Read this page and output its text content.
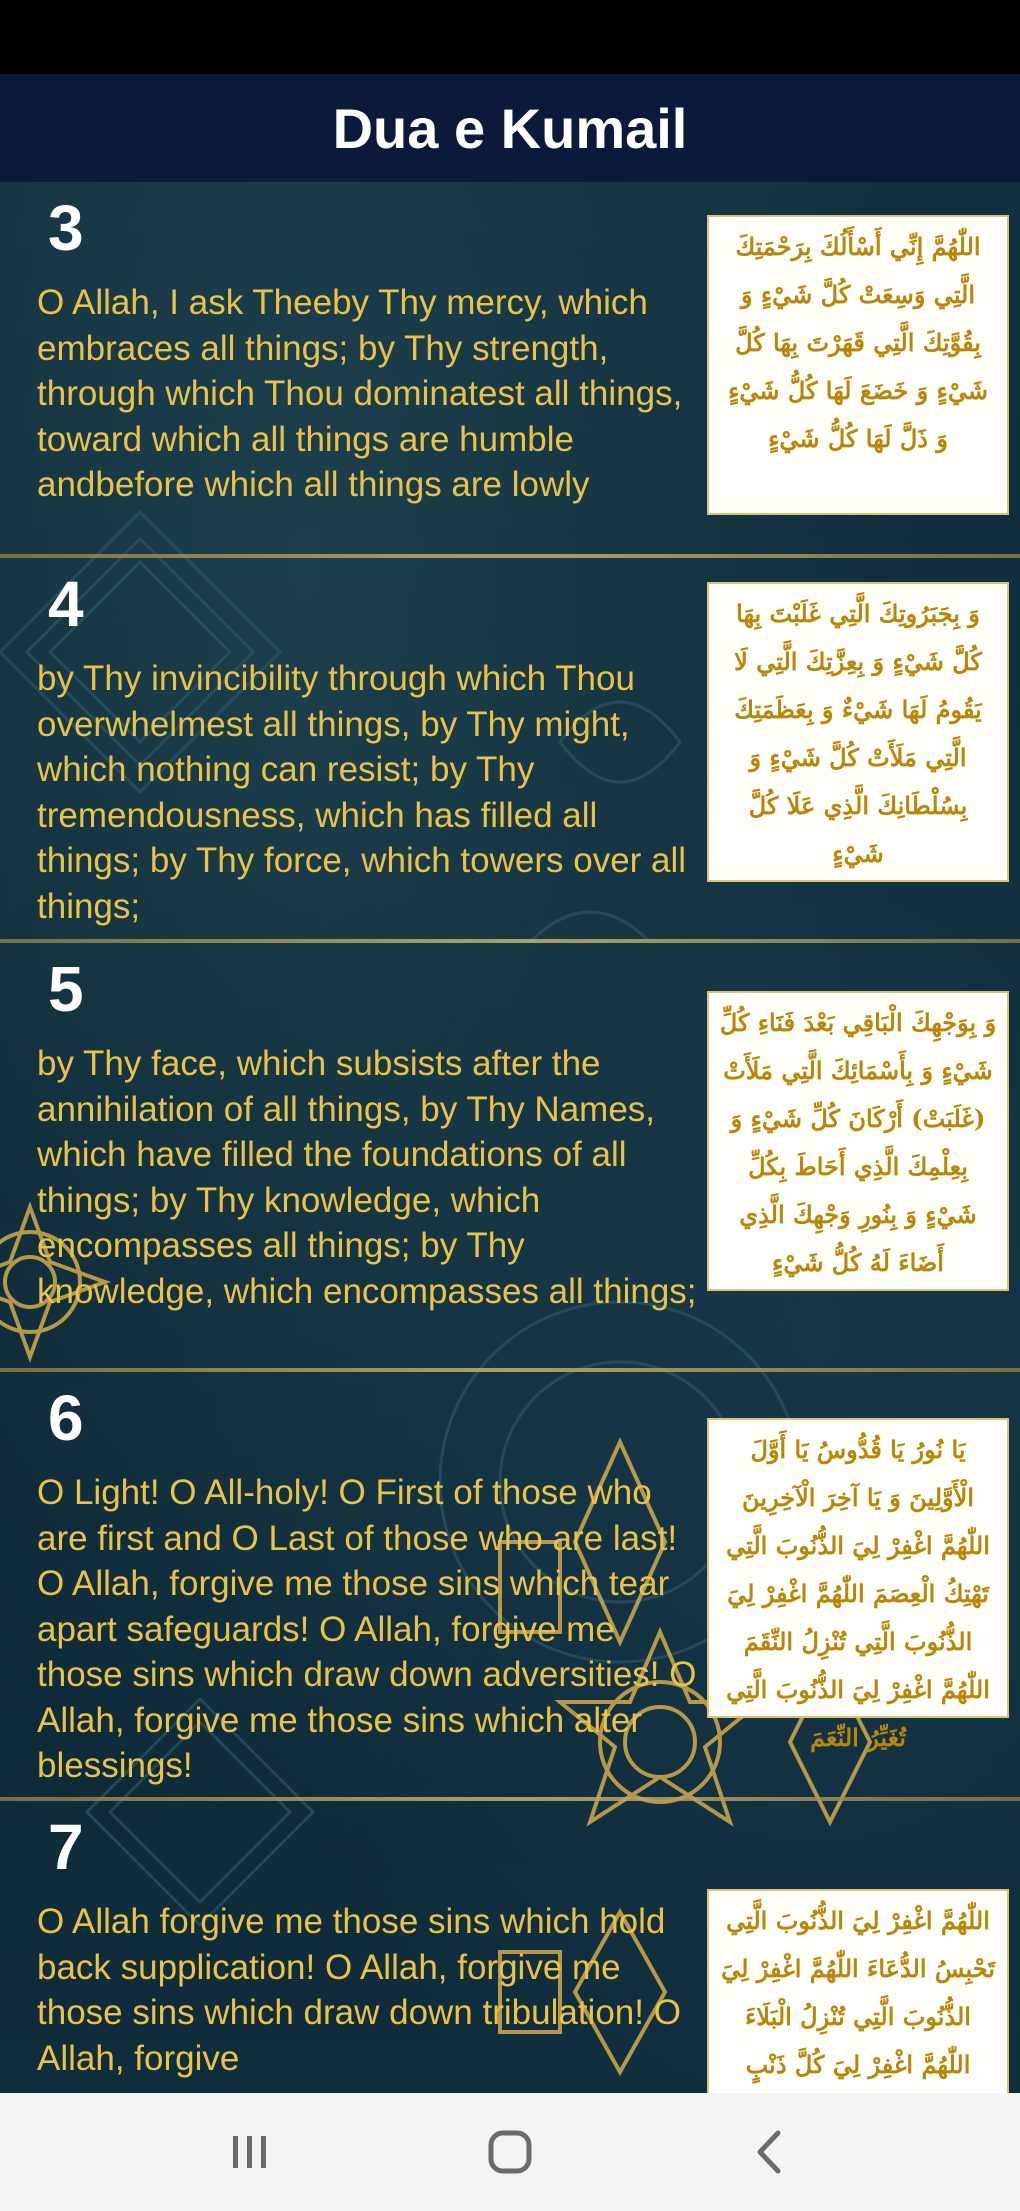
Dua e Kumail
3
O Allah, I ask Theeby Thy mercy, which embraces all things; by Thy strength, through which Thou dominatest all things, toward which all things are humble andbefore which all things are lowly
اللّٰهُمَّ إِنِّي أَسْأَلُكَ بِرَحْمَتِكَ الَّتِي وَسِعَتْ كُلَّ شَيْءٍ وَ بِقُوَّتِكَ الَّتِي قَهَرْتَ بِهَا كُلَّ شَيْءٍ وَ خَضَعَ لَهَا كُلُّ شَيْءٍ وَ ذَلَّ لَهَا كُلُّ شَيْءٍ
4
by Thy invincibility through which Thou overwhelmest all things, by Thy might, which nothing can resist; by Thy tremendousness, which has filled all things; by Thy force, which towers over all things;
وَ بِجَبَرُوتِكَ الَّتِي غَلَبْتَ بِهَا كُلَّ شَيْءٍ وَ بِعِزَّتِكَ الَّتِي لَا يَقُومُ لَهَا شَيْءٌ وَ بِعَظَمَتِكَ الَّتِي مَلَأَتْ كُلَّ شَيْءٍ وَ بِسُلْطَانِكَ الَّذِي عَلَا كُلَّ شَيْءٍ
5
by Thy face, which subsists after the annihilation of all things, by Thy Names, which have filled the foundations of all things; by Thy knowledge, which encompasses all things; by Thy knowledge, which encompasses all things;
وَ بِوَجْهِكَ الْبَاقِي بَعْدَ فَنَاءِ كُلِّ شَيْءٍ وَ بِأَسْمَائِكَ الَّتِي مَلَأَتْ (غَلَبَتْ) أَرْكَانَ كُلِّ شَيْءٍ وَ بِعِلْمِكَ الَّذِي أَحَاطَ بِكُلِّ شَيْءٍ وَ بِنُورِ وَجْهِكَ الَّذِي أَضَاءَ لَهُ كُلُّ شَيْءٍ
6
O Light! O All-holy! O First of those who are first and O Last of those who are last! O Allah, forgive me those sins which tear apart safeguards! O Allah, forgive me those sins which draw down adversities! O Allah, forgive me those sins which alter blessings!
يَا نُورُ يَا قُدُّوسُ يَا أَوَّلَ الْأَوَّلِينَ وَ يَا آخِرَ الْآخِرِينَ اللّٰهُمَّ اغْفِرْ لِيَ الذُّنُوبَ الَّتِي تَهْتِكُ الْعِصَمَ اللّٰهُمَّ اغْفِرْ لِيَ الذُّنُوبَ الَّتِي تُنْزِلُ النِّقَمَ اللّٰهُمَّ اغْفِرْ لِيَ الذُّنُوبَ الَّتِي تُغَيِّرُ النِّعَمَ
7
O Allah forgive me those sins which hold back supplication! O Allah, forgive me those sins which draw down tribulation! O Allah, forgive
اللّٰهُمَّ اغْفِرْ لِيَ الذُّنُوبَ الَّتِي تَحْبِسُ الدُّعَاءَ اللّٰهُمَّ اغْفِرْ لِيَ الذُّنُوبَ الَّتِي تُنْزِلُ الْبَلَاءَ اللّٰهُمَّ اغْفِرْ لِيَ كُلَّ ذَنْبٍ
